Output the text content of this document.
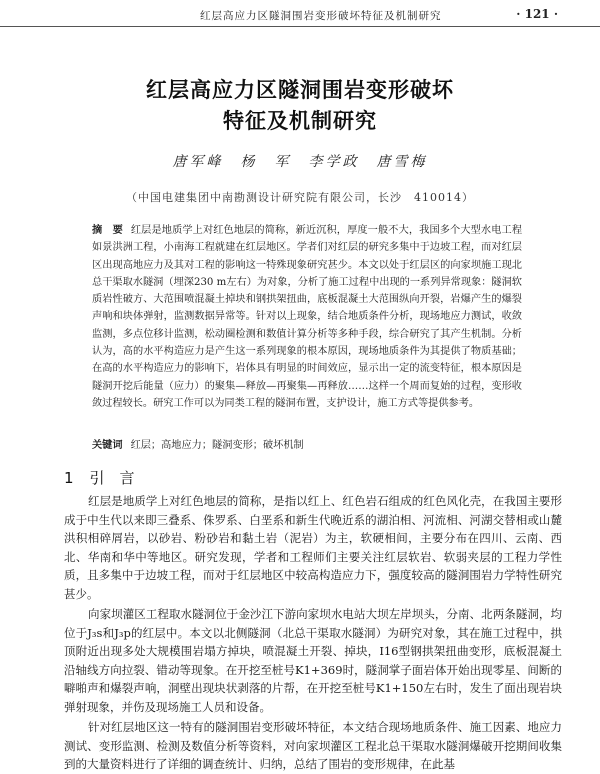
红层高应力区隧洞围岩变形破坏特征及机制研究	· 121 ·
红层高应力区隧洞围岩变形破坏
特征及机制研究
唐军峰　杨　军　李学政　唐雪梅
（中国电建集团中南勘测设计研究院有限公司，长沙　410014）
摘　要 红层是地质学上对红色地层的简称，新近沉积，厚度一般不大，我国多个大型水电工程如景洪洲工程，小南海工程就建在红层地区。学者们对红层的研究多集中于边坡工程，而对红层区出现高地应力及其对工程的影响这一特殊现象研究甚少。本文以处于红层区的向家坝施工现北总干渠取水隧洞（埋深230 m左右）为对象，分析了施工过程中出现的一系列异常现象：隧洞软质岩性破方、大范围喷混凝土掉块和钢拱架扭曲，底板混凝土大范围纵向开裂，岩爆产生的爆裂声响和块体弹射，监测数据异常等。针对以上现象，结合地质条件分析，现场地应力测试，收敛监测，多点位移计监测，松动圈检测和数值计算分析等多种手段，综合研究了其产生机制。分析认为，高的水平构造应力是产生这一系列现象的根本原因，现场地质条件为其提供了物质基础；在高的水平构造应力的影响下，岩体具有明显的时间效应，显示出一定的流变特征，根本原因是隧洞开挖后能量（应力）的聚集—释放—再聚集—再释放……这样一个周而复始的过程，变形收敛过程较长。研究工作可以为同类工程的隧洞布置，支护设计，施工方式等提供参考。
关键词 红层；高地应力；隧洞变形；破坏机制
1 引　言
红层是地质学上对红色地层的简称，是指以红上、红色岩石组成的红色风化壳，在我国主要形成于中生代以来即三叠系、侏罗系、白垩系和新生代晚近系的湖泊相、河流相、河湖交替相或山麓洪积相碎屑岩，以砂岩、粉砂岩和黏土岩（泥岩）为主，软硬相间，主要分布在四川、云南、西北、华南和华中等地区。研究发现，学者和工程师们主要关注红层软岩、软弱夹层的工程力学性质，且多集中于边坡工程，而对于红层地区中较高构造应力下，强度较高的隧洞围岩力学特性研究甚少。
向家坝灌区工程取水隧洞位于金沙江下游向家坝水电站大坝左岸坝头，分南、北两条隧洞，均位于J₃s和J₃p的红层中。本文以北侧隧洞（北总干渠取水隧洞）为研究对象，其在施工过程中，拱顶附近出现多处大规模围岩塌方掉块，喷混凝土开裂、掉块，I16型钢拱架扭曲变形，底板混凝土沿轴线方向拉裂、错动等现象。在开挖至桩号K1+369时，隧洞掌子面岩体开始出现零星、间断的噼啪声和爆裂声响，洞壁出现块状剥落的片帮，在开挖至桩号K1+150左右时，发生了面出现岩块弹射现象，并伤及现场施工人员和设备。
针对红层地区这一特有的隧洞围岩变形破坏特征，本文结合现场地质条件、施工因素、地应力测试、变形监测、检测及数值分析等资料，对向家坝灌区工程北总干渠取水隧洞爆破开挖期间收集到的大量资料进行了详细的调查统计、归纳，总结了围岩的变形规律，在此基
